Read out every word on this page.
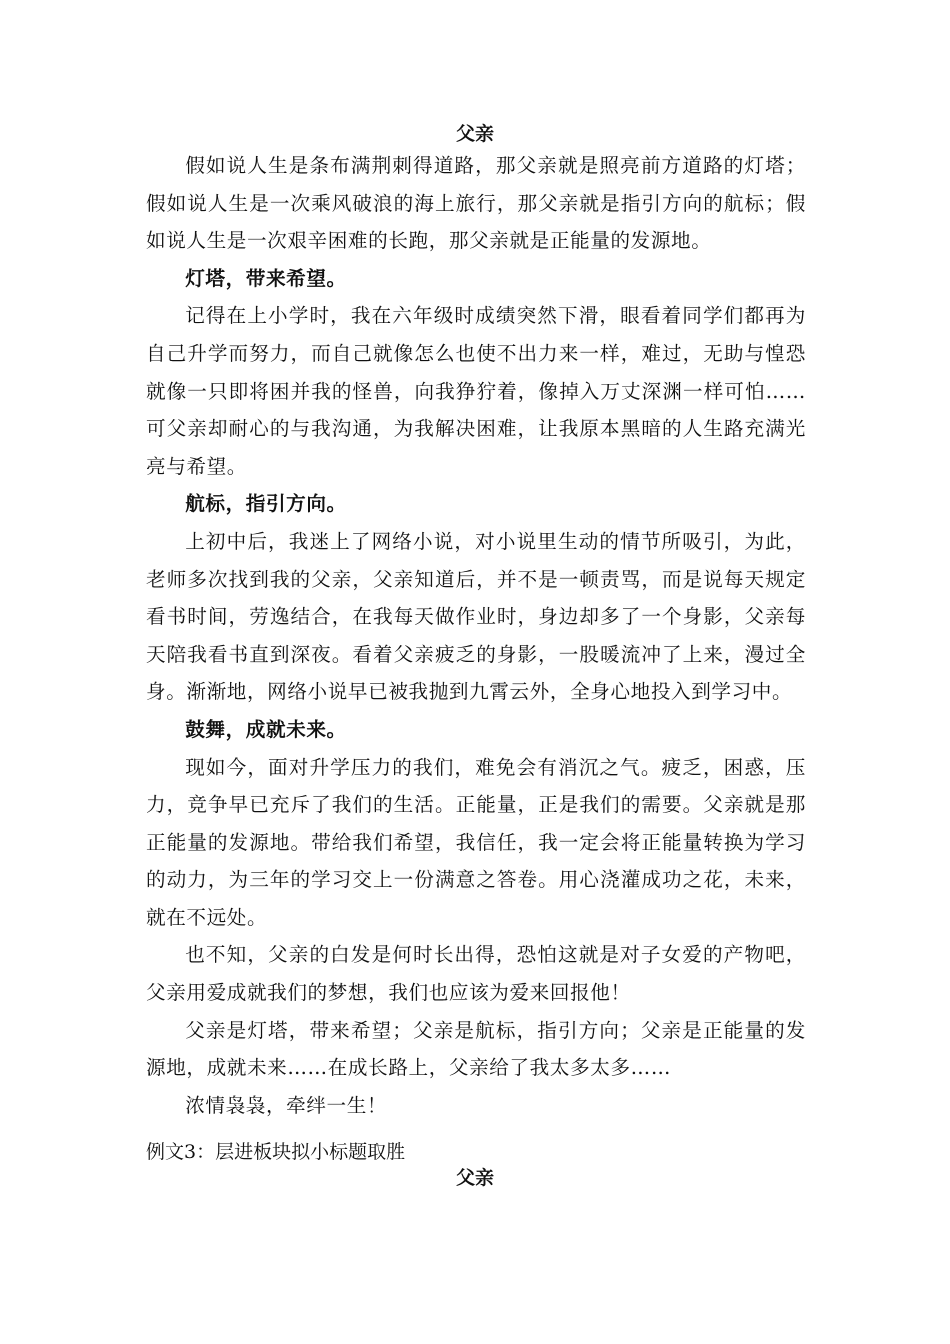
父亲

假如说人生是条布满荆刺得道路，那父亲就是照亮前方道路的灯塔；假如说人生是一次乘风破浪的海上旅行，那父亲就是指引方向的航标；假如说人生是一次艰辛困难的长跑，那父亲就是正能量的发源地。

灯塔，带来希望。

记得在上小学时，我在六年级时成绩突然下滑，眼看着同学们都再为自己升学而努力，而自己就像怎么也使不出力来一样，难过，无助与惶恐就像一只即将困并我的怪兽，向我狰狞着，像掉入万丈深渊一样可怕……可父亲却耐心的与我沟通，为我解决困难，让我原本黑暗的人生路充满光亮与希望。

航标，指引方向。

上初中后，我迷上了网络小说，对小说里生动的情节所吸引，为此，老师多次找到我的父亲，父亲知道后，并不是一顿责骂，而是说每天规定看书时间，劳逸结合，在我每天做作业时，身边却多了一个身影，父亲每天陪我看书直到深夜。看着父亲疲乏的身影，一股暖流冲了上来，漫过全身。渐渐地，网络小说早已被我抛到九霄云外，全身心地投入到学习中。

鼓舞，成就未来。

现如今，面对升学压力的我们，难免会有消沉之气。疲乏，困惑，压力，竞争早已充斥了我们的生活。正能量，正是我们的需要。父亲就是那正能量的发源地。带给我们希望，我信任，我一定会将正能量转换为学习的动力，为三年的学习交上一份满意之答卷。用心浇灌成功之花，未来，就在不远处。

也不知，父亲的白发是何时长出得，恐怕这就是对子女爱的产物吧，父亲用爱成就我们的梦想，我们也应该为爱来回报他！

父亲是灯塔，带来希望；父亲是航标，指引方向；父亲是正能量的发源地，成就未来……在成长路上，父亲给了我太多太多……

浓情袅袅，牵绊一生！

例文3：层进板块拟小标题取胜

父亲
